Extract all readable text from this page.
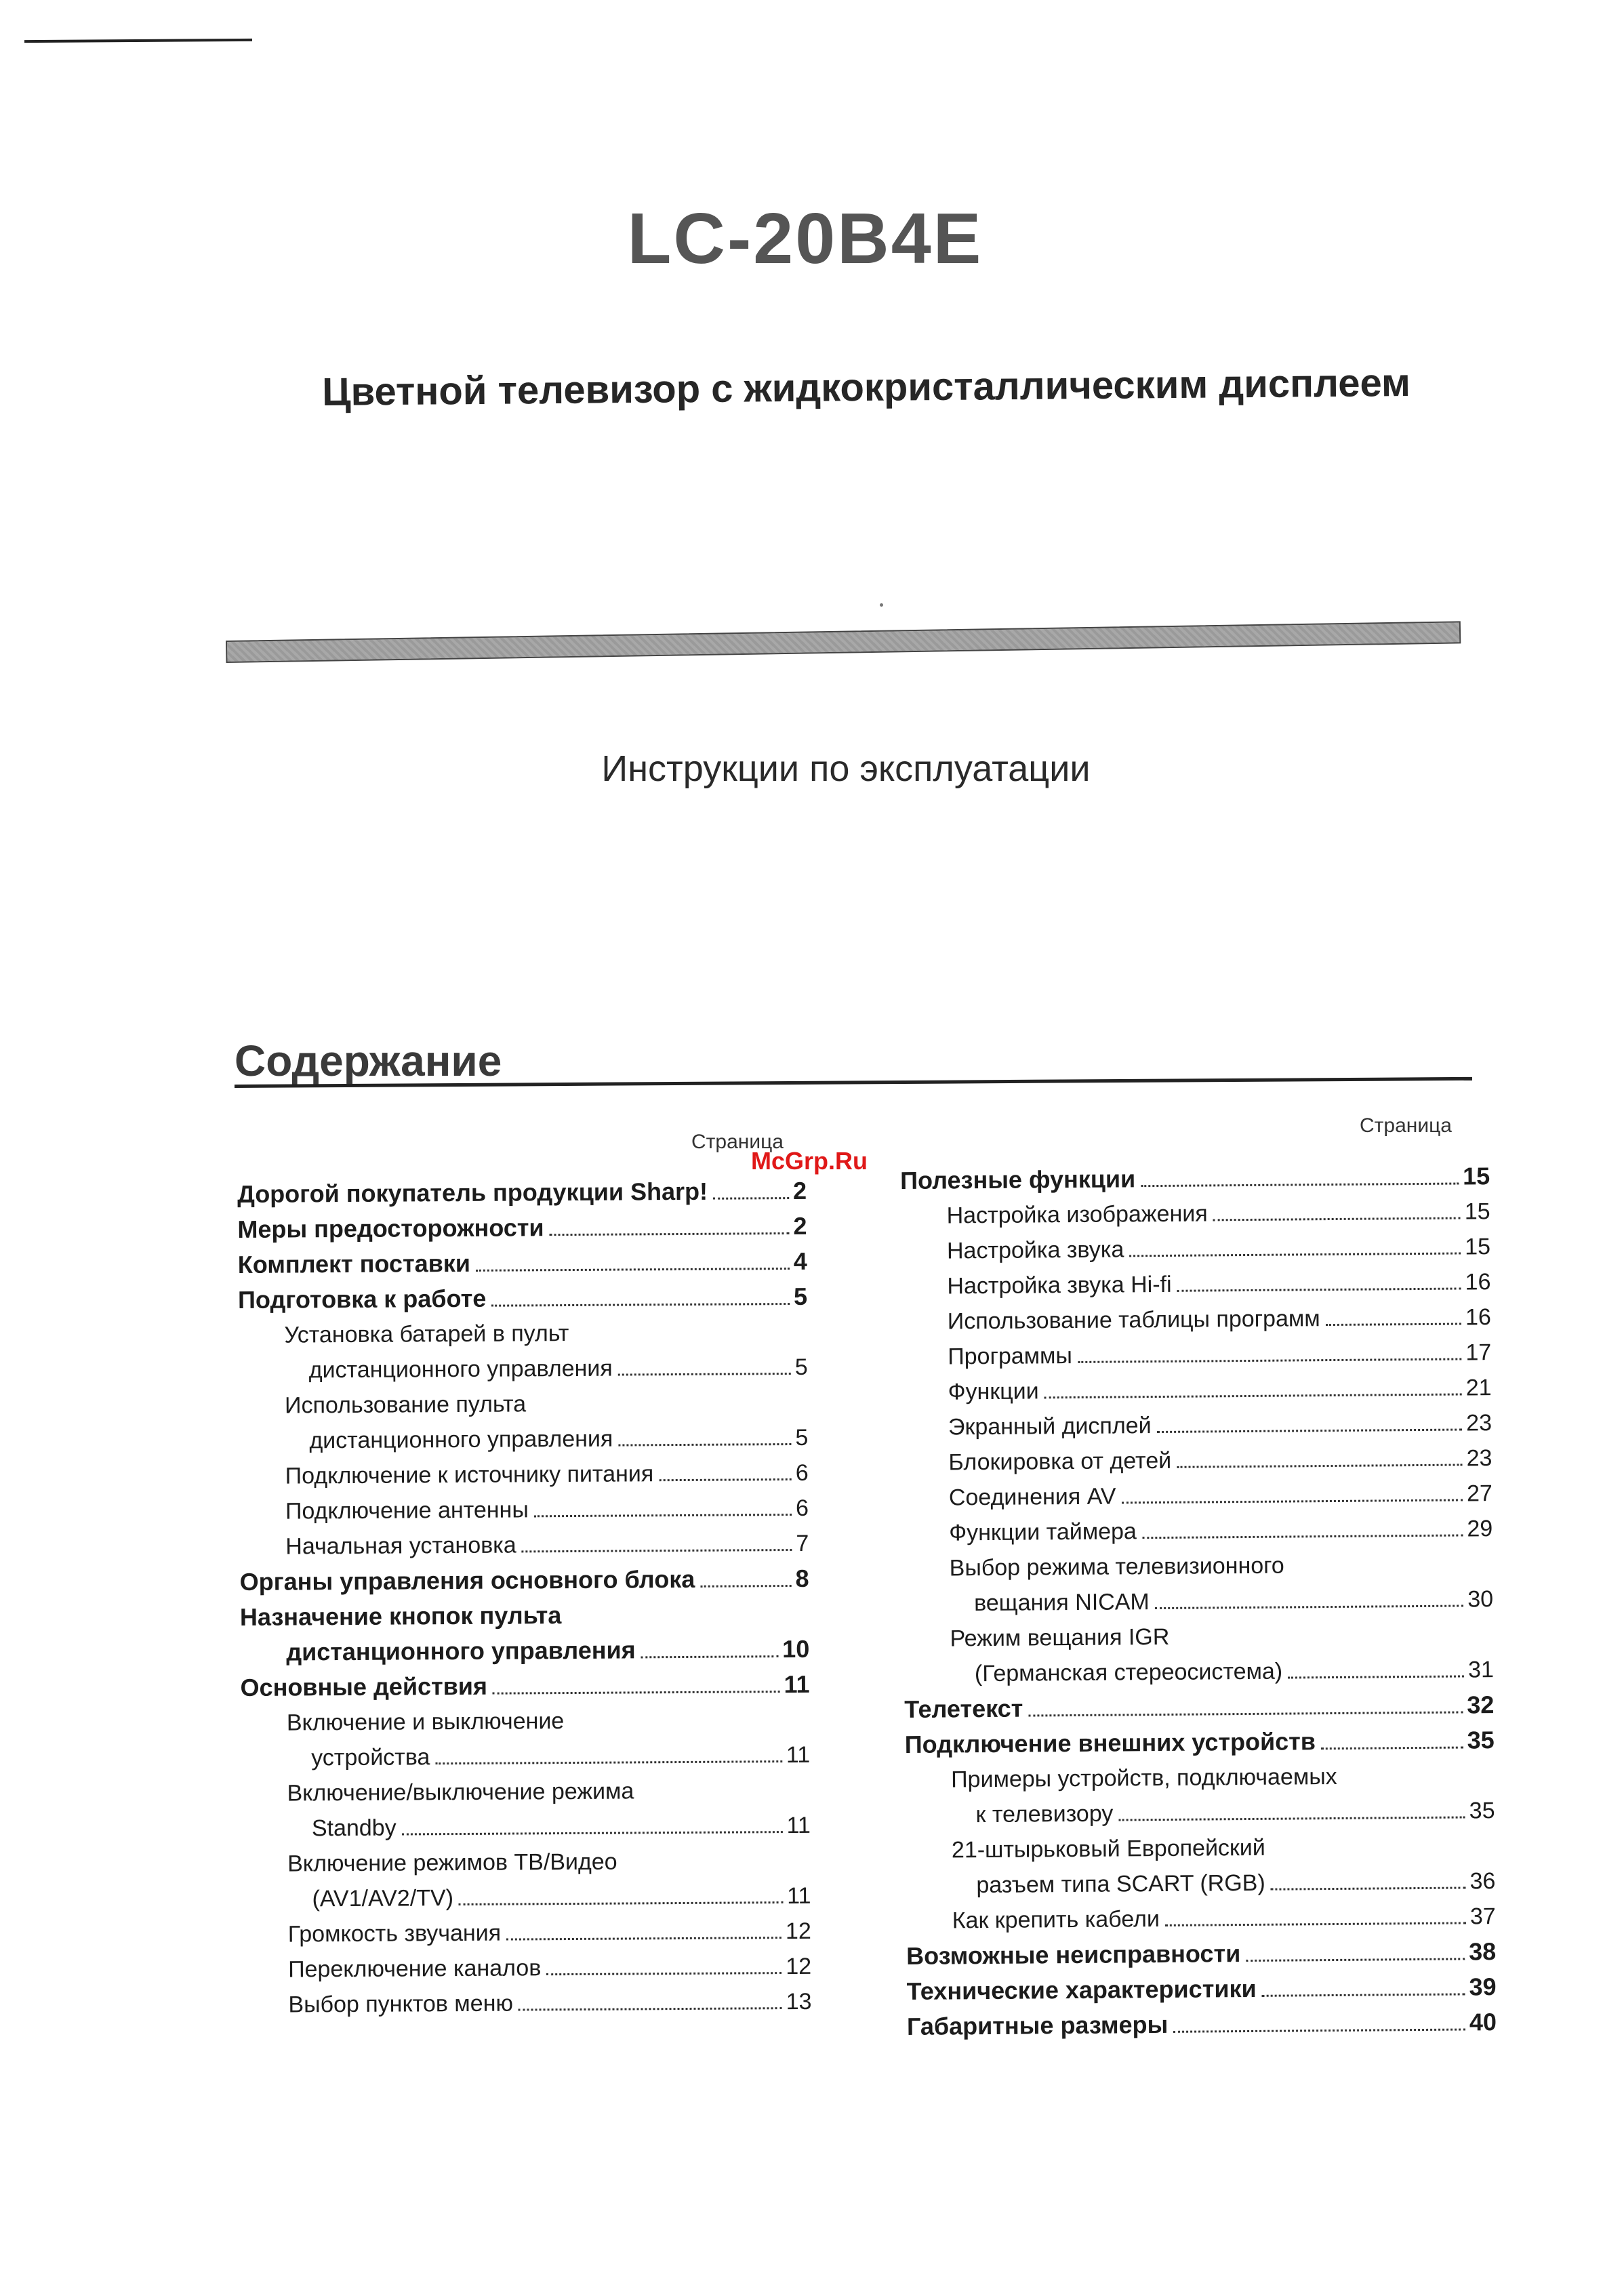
LC-20B4E
Цветной телевизор с жидкокристаллическим дисплеем
Инструкции по эксплуатации
Содержание
Страница
Страница
McGrp.Ru
Дорогой покупатель продукции Sharp!	2
Меры предосторожности	2
Комплект поставки	4
Подготовка к работе	5
Установка батарей в пульт
дистанционного управления	5
Использование пульта
дистанционного управления	5
Подключение к источнику питания	6
Подключение антенны	6
Начальная установка	7
Органы управления основного блока	8
Назначение кнопок пульта
дистанционного управления	10
Основные действия	11
Включение и выключение
устройства	11
Включение/выключение режима
Standby	11
Включение режимов ТВ/Видео
(AV1/AV2/TV)	11
Громкость звучания	12
Переключение каналов	12
Выбор пунктов меню	13
Полезные функции	15
Настройка изображения	15
Настройка звука	15
Настройка звука Hi-fi	16
Использование таблицы программ	16
Программы	17
Функции	21
Экранный дисплей	23
Блокировка от детей	23
Соединения AV	27
Функции таймера	29
Выбор режима телевизионного
вещания NICAM	30
Режим вещания IGR
(Германская стереосистема)	31
Телетекст	32
Подключение внешних устройств	35
Примеры устройств, подключаемых
к телевизору	35
21-штырьковый Европейский
разъем типа SCART (RGB)	36
Как крепить кабели	37
Возможные неисправности	38
Технические характеристики	39
Габаритные размеры	40
